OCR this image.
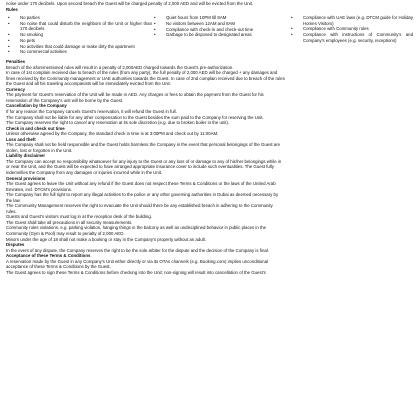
noise under 170 decibels. Upon second breach the Guest will be charged penalty of 2,000 AED and will be evicted from the Unit.
Rules
•	No parties
•	No noise that could disturb the neighbors of the Unit or higher than 170 decibels
•	No smoking
•	No pets
•	No activities that could damage or make dirty the apartment
•	No commercial activities
•	Quiet hours from 10PM till 8AM
•	No visitors between 12AM and 8AM
•	Compliance with check-in and check-out time
•	Garbage to be disposed to designated areas
•	Compliance with UAE laws (e.g. DTCM guide for Holiday Homes Visitors)
•	Compliance with Community rules
•	Compliance with instructions of Community's and Company's employees (e.g. security, receptions)
Penalties
Breach of the aforementioned rules will result in a penalty of 2,000AED charged towards the Guest's pre-authorization.
In case of 1st complain received due to breach of the rules (from any party), the full penalty of 2,000 AED will be charged + any damages and
fines received by the Community management or UAE authorities towards the Guest. In case of 2nd complain received due to breach of the rules
the Guest and all his traveling accompanists will be immediately evicted from the Unit.
Currency
The payment for Guest's reservation of the Unit will be made in AED. Any charges or fees to obtain the payment from the Guest for his
reservation of the Company's unit will be borne by the Guest.
Cancellation by the Company
If for any reason the Company cancels Guest's reservation, it will refund the Guest in full.
The Company shall not be liable for any other compensation to the Guest besides the sum paid to the Company for reserving the Unit.
The Company reserves the right to cancel any reservation at its sole discretion (e.g. due to broken boiler in the unit).
Check in and check out time
Unless otherwise agreed by the Company, the standard check in time is at 3:00PM and check out by 11:00AM.
Loss and theft
The Company shall not be held responsible and the Guest holds harmless the Company in the event that personal belongings of the Guest are
stolen, lost or forgotten in the Unit.
Liability disclaimer
The Company can accept no responsibility whatsoever for any injury to the Guest or any loss of or damage to any of his/her belongings while in
or near the Unit, and the Guest will be expected to have arranged appropriate insurance cover to include such eventualities. The Guest fully
indemnifies the Company from any damages or injuries incurred while in the Unit.
General provisions
The Guest agrees to leave the Unit without any refund if the Guest does not respect these Terms & Conditions or the laws of the United Arab
Emirates, incl. DTCM's provisions.
The Company has the full right to report any illegal activities to the police or any other governing authorities in Dubai as deemed necessary by
the law.
The Community Management reserves the right to evacuate the Unit should there be any established breach in adhering to the Community
rules.
Guests and Guest's visitors must log in at the reception desk of the building.
The Guest shall take all precautions in all security measurements.
Community rules violations, e.g. parking violation, hanging things in the balcony as well as undisciplined behavior in public places in the
Community (Gym & Pool) may result to penalty of 2,000 AED.
Minors under the age of 18 shall not make a booking or stay in the Company's property without an adult.
Disputes
In the event of any dispute, the Company reserves the right to be the sole arbiter for the dispute and the decision of the Company is final.
Acceptance of these Terms & Conditions
A reservation made by the Guest in any Company's Unit either directly or via its OTAs channels (e.g. Booking.com) implies unconditional
acceptance of these Terms & Conditions by the Guest.
The Guest agrees to sign these Terms & Conditions before checking into the Unit; non-signing will result into cancellation of the Guest's
